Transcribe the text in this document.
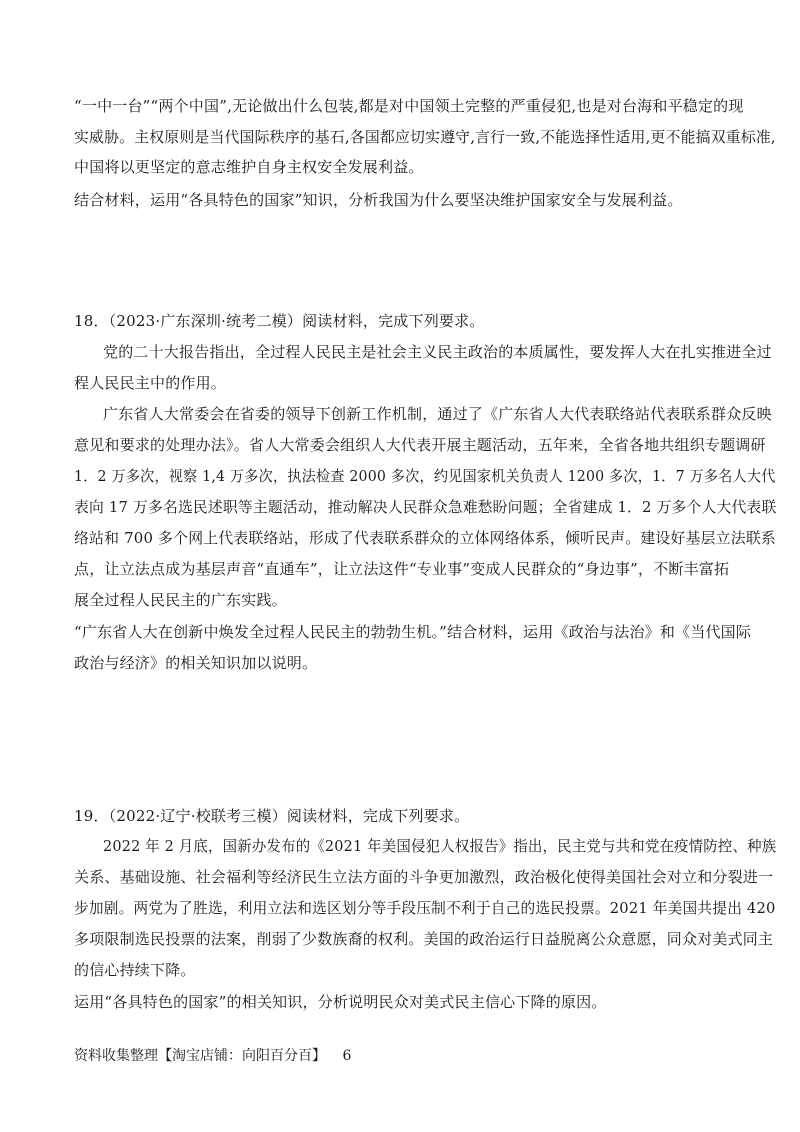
“一中一台”“两个中国”,无论做出什么包装,都是对中国领土完整的严重侵犯,也是对台海和平稳定的现
实威胁。主权原则是当代国际秩序的基石,各国都应切实遵守,言行一致,不能选择性适用,更不能搞双重标准,
中国将以更坚定的意志维护自身主权安全发展利益。
结合材料，运用“各具特色的国家”知识，分析我国为什么要坚决维护国家安全与发展利益。
18．（2023·广东深圳·统考二模）阅读材料，完成下列要求。
党的二十大报告指出，全过程人民民主是社会主义民主政治的本质属性，要发挥人大在扎实推进全过
程人民民主中的作用。
广东省人大常委会在省委的领导下创新工作机制，通过了《广东省人大代表联络站代表联系群众反映
意见和要求的处理办法》。省人大常委会组织人大代表开展主题活动，五年来，全省各地共组织专题调研
1．2 万多次，视察 1,4 万多次，执法检查 2000 多次，约见国家机关负责人 1200 多次，1．7 万多名人大代
表向 17 万多名选民述职等主题活动，推动解决人民群众急难愁盼问题；全省建成 1．2 万多个人大代表联
络站和 700 多个网上代表联络站，形成了代表联系群众的立体网络体系，倾听民声。建设好基层立法联系
点，让立法点成为基层声音“直通车”，让立法这件“专业事”变成人民群众的“身边事”，不断丰富拓
展全过程人民民主的广东实践。
“广东省人大在创新中焕发全过程人民民主的勃勃生机。”结合材料，运用《政治与法治》和《当代国际
政治与经济》的相关知识加以说明。
19．（2022·辽宁·校联考三模）阅读材料，完成下列要求。
2022 年 2 月底，国新办发布的《2021 年美国侵犯人权报告》指出，民主党与共和党在疫情防控、种族
关系、基础设施、社会福利等经济民生立法方面的斗争更加激烈，政治极化使得美国社会对立和分裂进一
步加剧。两党为了胜选，利用立法和选区划分等手段压制不利于自己的选民投票。2021 年美国共提出 420
多项限制选民投票的法案，削弱了少数族裔的权利。美国的政治运行日益脱离公众意愿，同众对美式同主
的信心持续下降。
运用“各具特色的国家”的相关知识，分析说明民众对美式民主信心下降的原因。
资料收集整理【淘宝店铺：向阳百分百】 6
